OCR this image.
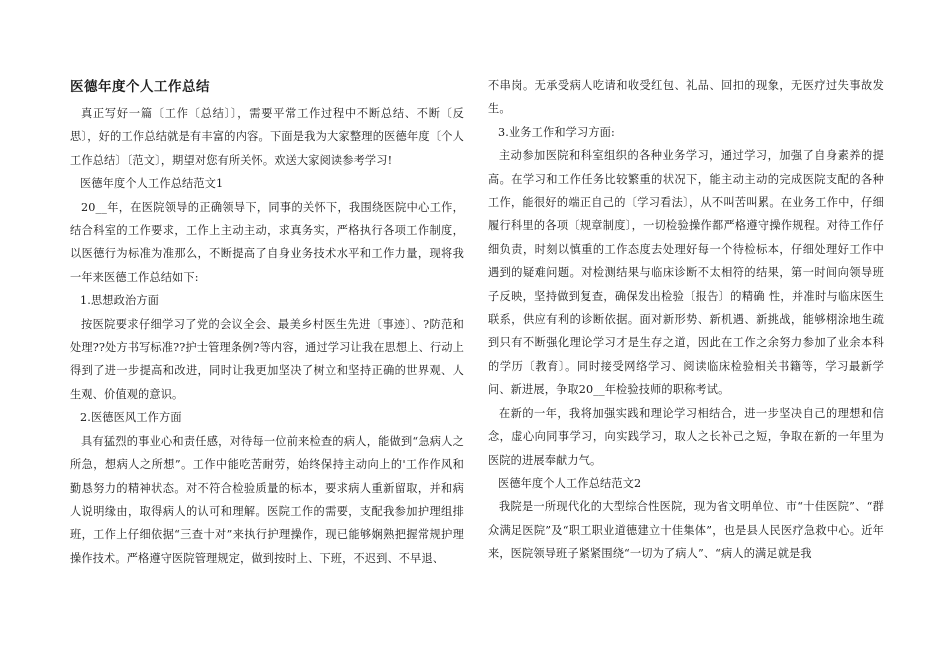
医德年度个人工作总结

真正写好一篇〔工作〔总结〕〕，需要平常工作过程中不断总结、不断〔反思〕，好的工作总结就是有丰富的内容。下面是我为大家整理的医德年度〔个人工作总结〕〔范文〕，期望对您有所关怀。欢送大家阅读参考学习!

医德年度个人工作总结范文1

20__年，在医院领导的正确领导下，同事的关怀下，我围绕医院中心工作，结合科室的工作要求，工作上主动主动，求真务实，严格执行各项工作制度，以医德行为标准为准那么，不断提高了自身业务技术水平和工作力量，现将我一年来医德工作总结如下:

1.思想政治方面

按医院要求仔细学习了党的会议全会、最美乡村医生先进〔事迹〕、?防范和处理??处方书写标准??护士管理条例?等内容，通过学习让我在思想上、行动上得到了进一步提高和改进，同时让我更加坚决了树立和坚持正确的世界观、人生观、价值观的意识。

2.医德医风工作方面

具有猛烈的事业心和责任感，对待每一位前来检查的病人，能做到“急病人之所急，想病人之所想”。工作中能吃苦耐劳，始终保持主动向上的'工作作风和勤恳努力的精神状态。对不符合检验质量的标本，要求病人重新留取，并和病人说明缘由，取得病人的认可和理解。医院工作的需要，支配我参加护理组排班，工作上仔细依据“三查十对”来执行护理操作，现已能够娴熟把握常规护理操作技术。严格遵守医院管理规定，做到按时上、下班，不迟到、不早退、

不串岗。无承受病人吃请和收受红包、礼品、回扣的现象，无医疗过失事故发生。

3.业务工作和学习方面:

主动参加医院和科室组织的各种业务学习，通过学习，加强了自身素养的提高。在学习和工作任务比较繁重的状况下，能主动主动的完成医院支配的各种工作，能很好的端正自己的〔学习看法〕，从不叫苦叫累。在业务工作中，仔细履行科里的各项〔规章制度〕，一切检验操作都严格遵守操作规程。对待工作仔细负责，时刻以慎重的工作态度去处理好每一个待检标本，仔细处理好工作中遇到的疑难问题。对检测结果与临床诊断不太相符的结果，第一时间向领导班子反映，坚持做到复查，确保发出检验〔报告〕的精确 性，并准时与临床医生联系，供应有利的诊断依据。面对新形势、新机遇、新挑战，能够栩涂地生疏到只有不断强化理论学习才是生存之道，因此在工作之余努力参加了业余本科的学历〔教育〕。同时接受网络学习、阅读临床检验相关书籍等，学习最新学问、新进展，争取20__年检验技师的职称考试。

在新的一年，我将加强实践和理论学习相结合，进一步坚决自己的理想和信念，虚心向同事学习，向实践学习，取人之长补己之短，争取在新的一年里为医院的进展奉献力气。

医德年度个人工作总结范文2

我院是一所现代化的大型综合性医院，现为省文明单位、市“十佳医院”、“群众满足医院”及“职工职业道德建立十佳集体”，也是县人民医疗急救中心。近年来，医院领导班子紧紧围绕“一切为了病人”、“病人的满足就是我
